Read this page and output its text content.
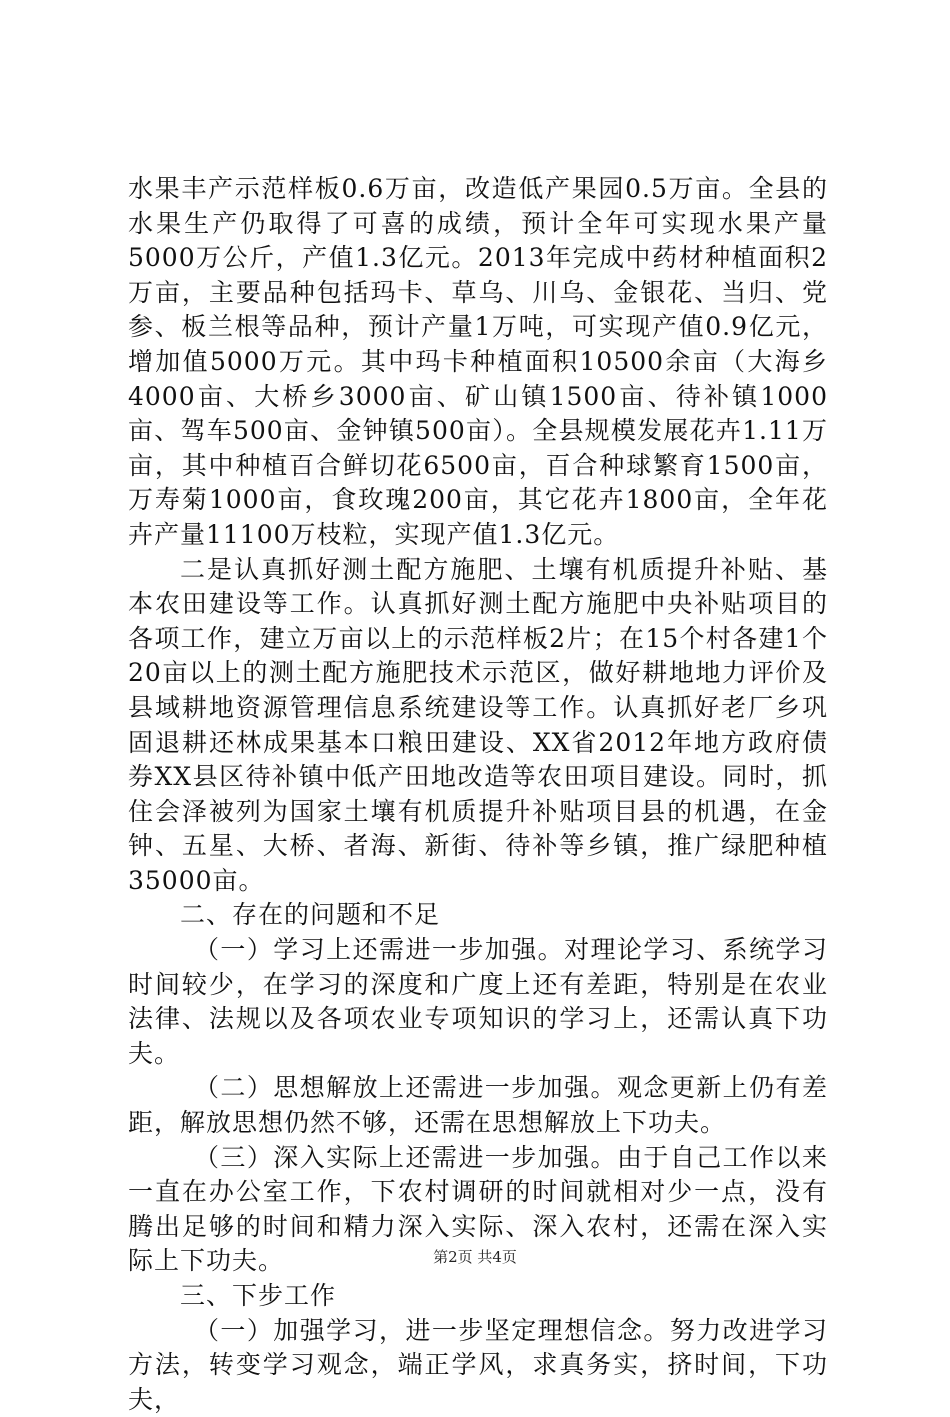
水果丰产示范样板0.6万亩，改造低产果园0.5万亩。全县的水果生产仍取得了可喜的成绩，预计全年可实现水果产量5000万公斤，产值1.3亿元。2013年完成中药材种植面积2万亩，主要品种包括玛卡、草乌、川乌、金银花、当归、党参、板兰根等品种，预计产量1万吨，可实现产值0.9亿元，增加值5000万元。其中玛卡种植面积10500余亩（大海乡4000亩、大桥乡3000亩、矿山镇1500亩、待补镇1000亩、驾车500亩、金钟镇500亩）。全县规模发展花卉1.11万亩，其中种植百合鲜切花6500亩，百合种球繁育1500亩，万寿菊1000亩，食玫瑰200亩，其它花卉1800亩，全年花卉产量11100万枝粒，实现产值1.3亿元。

二是认真抓好测土配方施肥、土壤有机质提升补贴、基本农田建设等工作。认真抓好测土配方施肥中央补贴项目的各项工作，建立万亩以上的示范样板2片；在15个村各建1个20亩以上的测土配方施肥技术示范区，做好耕地地力评价及县域耕地资源管理信息系统建设等工作。认真抓好老厂乡巩固退耕还林成果基本口粮田建设、XX省2012年地方政府债券XX县区待补镇中低产田地改造等农田项目建设。同时，抓住会泽被列为国家土壤有机质提升补贴项目县的机遇，在金钟、五星、大桥、者海、新街、待补等乡镇，推广绿肥种植35000亩。

二、存在的问题和不足

（一）学习上还需进一步加强。对理论学习、系统学习时间较少，在学习的深度和广度上还有差距，特别是在农业法律、法规以及各项农业专项知识的学习上，还需认真下功夫。

（二）思想解放上还需进一步加强。观念更新上仍有差距，解放思想仍然不够，还需在思想解放上下功夫。

（三）深入实际上还需进一步加强。由于自己工作以来一直在办公室工作，下农村调研的时间就相对少一点，没有腾出足够的时间和精力深入实际、深入农村，还需在深入实际上下功夫。

三、下步工作

（一）加强学习，进一步坚定理想信念。努力改进学习方法，转变学习观念，端正学风，求真务实，挤时间，下功夫，

第2页 共4页
